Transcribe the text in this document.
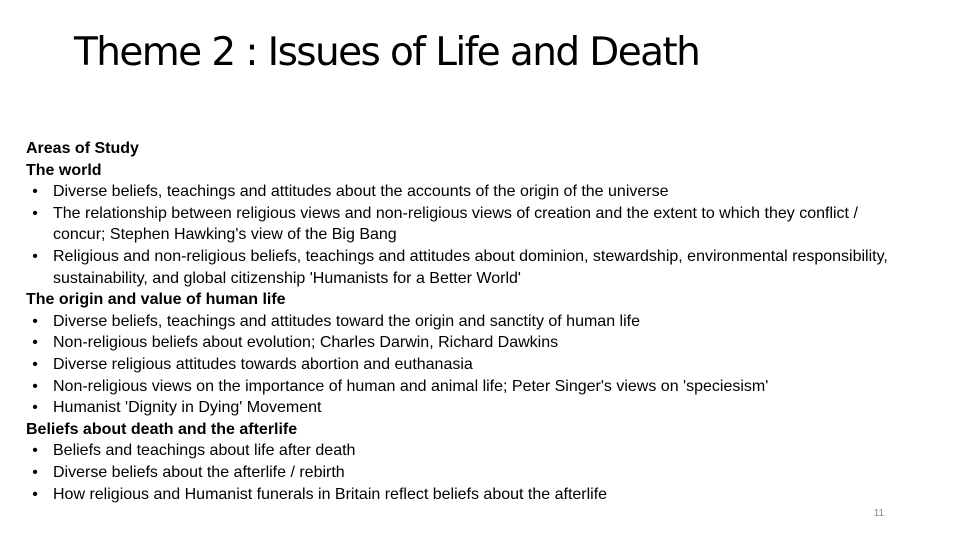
Theme 2 : Issues of Life and Death

Areas of Study

The world

• Diverse beliefs, teachings and attitudes about the accounts of the origin of the universe
• The relationship between religious views and non-religious views of creation and the extent to which they conflict / concur; Stephen Hawking's view of the Big Bang
• Religious and non-religious beliefs, teachings and attitudes about dominion, stewardship, environmental responsibility, sustainability, and global citizenship 'Humanists for a Better World'

The origin and value of human life

• Diverse beliefs, teachings and attitudes toward the origin and sanctity of human life
• Non-religious beliefs about evolution; Charles Darwin, Richard Dawkins
• Diverse religious attitudes towards abortion and euthanasia
• Non-religious views on the importance of human and animal life; Peter Singer's views on 'speciesism'
• Humanist 'Dignity in Dying' Movement

Beliefs about death and the afterlife

• Beliefs and teachings about life after death
• Diverse beliefs about the afterlife / rebirth
• How religious and Humanist funerals in Britain reflect beliefs about the afterlife
11
